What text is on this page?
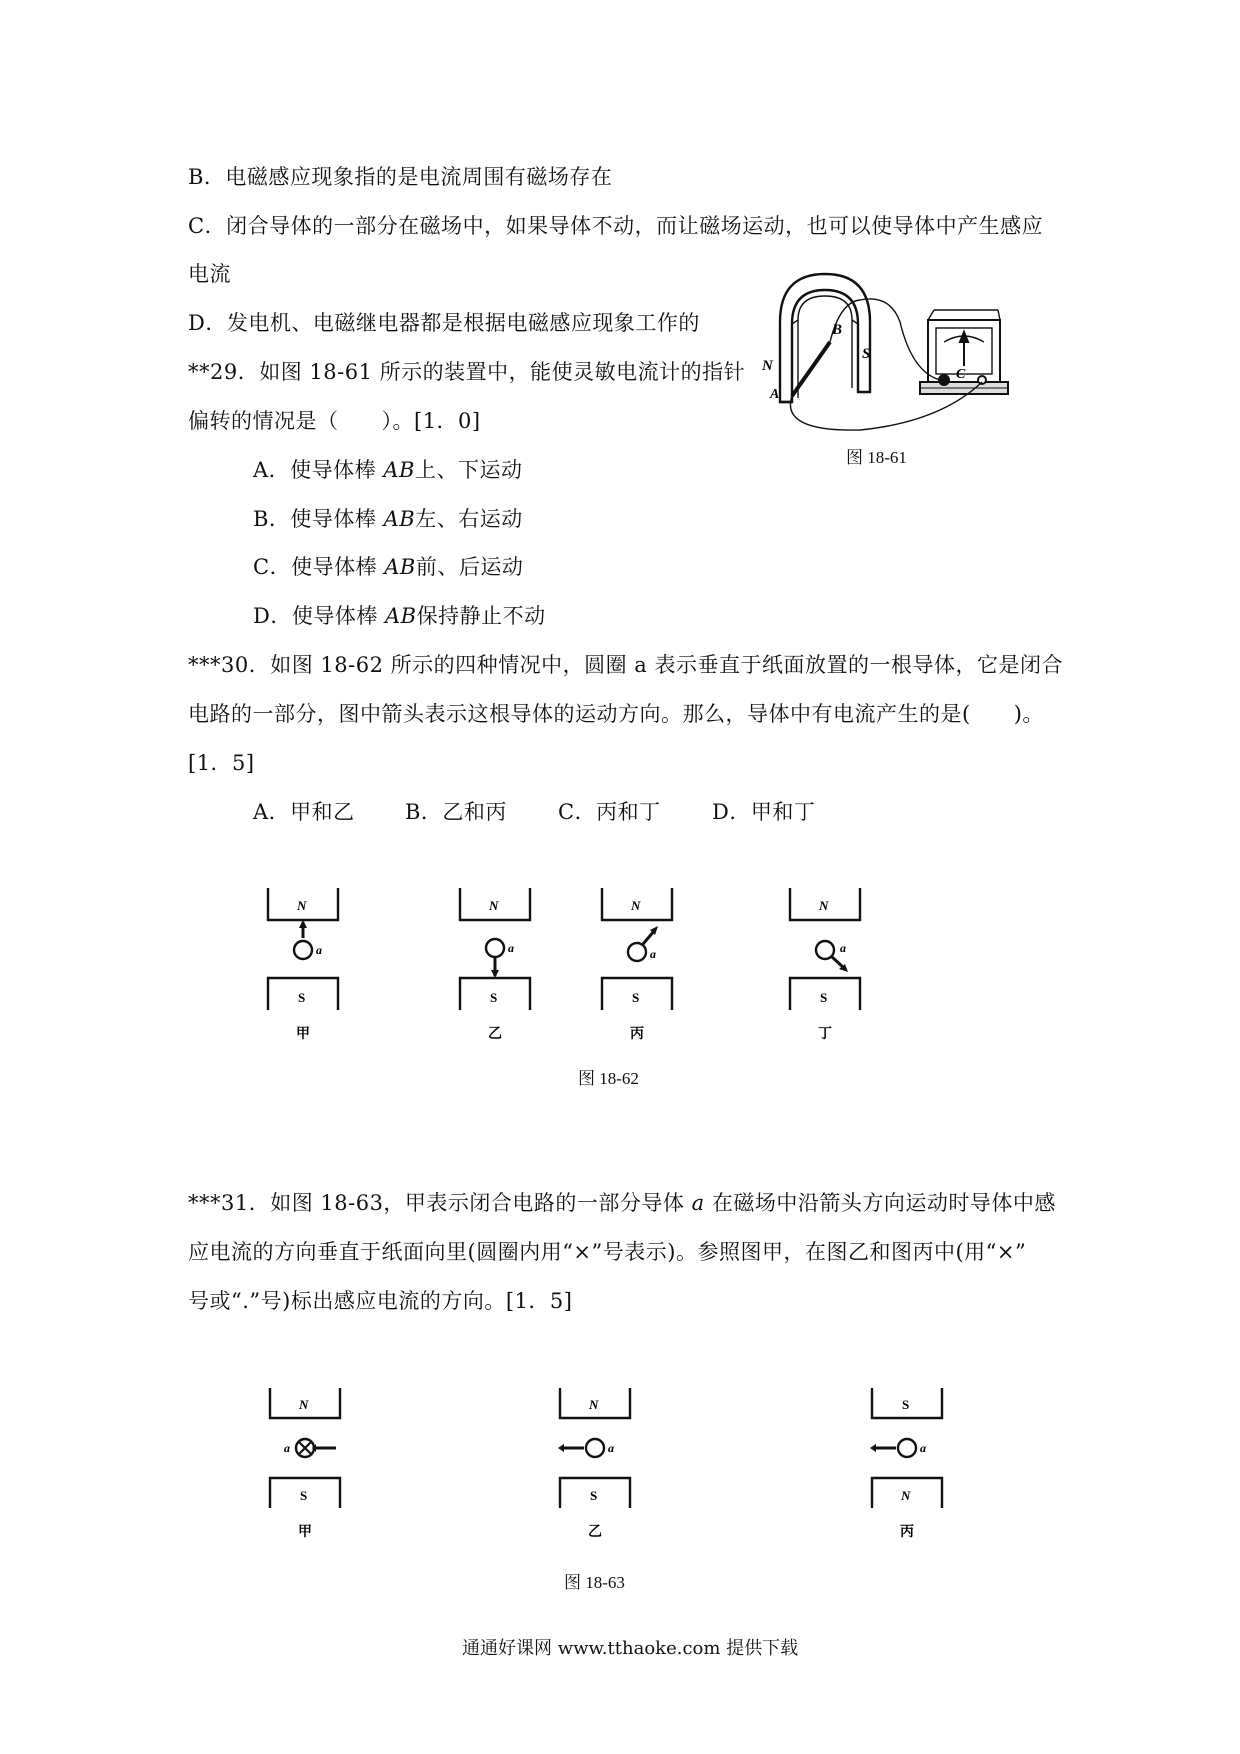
B．电磁感应现象指的是电流周围有磁场存在
C．闭合导体的一部分在磁场中，如果导体不动，而让磁场运动，也可以使导体中产生感应
电流
D．发电机、电磁继电器都是根据电磁感应现象工作的
**29．如图 18-61 所示的装置中，能使灵敏电流计的指针
偏转的情况是（　　）。[1．0]
A．使导体棒 AB上、下运动
B．使导体棒 AB左、右运动
C．使导体棒 AB前、后运动
D．使导体棒 AB保持静止不动
N
S
A
B
C
图 18-61
***30．如图 18-62 所示的四种情况中，圆圈 a 表示垂直于纸面放置的一根导体，它是闭合
电路的一部分，图中箭头表示这根导体的运动方向。那么，导体中有电流产生的是(　　)。
[1．5]
A．甲和乙 B．乙和丙 C．丙和丁 D．甲和丁
N
S
a
甲
N
S
a
乙
N
S
a
丙
N
S
a
丁
图 18-62
***31．如图 18-63，甲表示闭合电路的一部分导体 a 在磁场中沿箭头方向运动时导体中感
应电流的方向垂直于纸面向里(圆圈内用“×”号表示)。参照图甲，在图乙和图丙中(用“×”
号或“.”号)标出感应电流的方向。[1．5]
N
S
a
甲
N
S
a
乙
S
N
a
丙
图 18-63
通通好课网 www.tthaoke.com 提供下载
